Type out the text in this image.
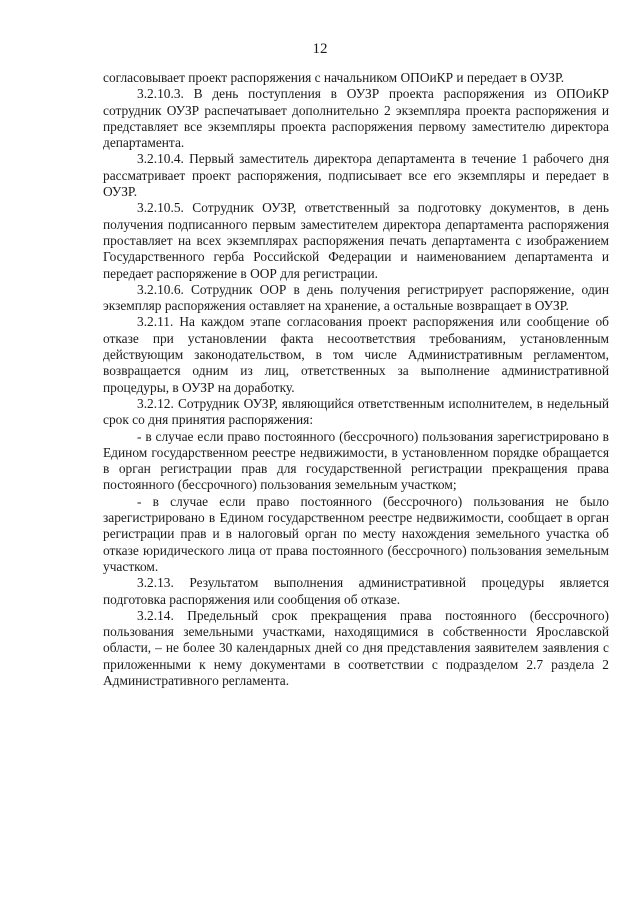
12

согласовывает проект распоряжения с начальником ОПОиКР и передает в ОУЗР.

3.2.10.3. В день поступления в ОУЗР проекта распоряжения из ОПОиКР сотрудник ОУЗР распечатывает дополнительно 2 экземпляра проекта распоряжения и представляет все экземпляры проекта распоряжения первому заместителю директора департамента.

3.2.10.4. Первый заместитель директора департамента в течение 1 рабочего дня рассматривает проект распоряжения, подписывает все его экземпляры и передает в ОУЗР.

3.2.10.5. Сотрудник ОУЗР, ответственный за подготовку документов, в день получения подписанного первым заместителем директора департамента распоряжения проставляет на всех экземплярах распоряжения печать департамента с изображением Государственного герба Российской Федерации и наименованием департамента и передает распоряжение в ООР для регистрации.

3.2.10.6. Сотрудник ООР в день получения регистрирует распоряжение, один экземпляр распоряжения оставляет на хранение, а остальные возвращает в ОУЗР.

3.2.11. На каждом этапе согласования проект распоряжения или сообщение об отказе при установлении факта несоответствия требованиям, установленным действующим законодательством, в том числе Административным регламентом, возвращается одним из лиц, ответственных за выполнение административной процедуры, в ОУЗР на доработку.

3.2.12. Сотрудник ОУЗР, являющийся ответственным исполнителем, в недельный срок со дня принятия распоряжения:

- в случае если право постоянного (бессрочного) пользования зарегистрировано в Едином государственном реестре недвижимости, в установленном порядке обращается в орган регистрации прав для государственной регистрации прекращения права постоянного (бессрочного) пользования земельным участком;

- в случае если право постоянного (бессрочного) пользования не было зарегистрировано в Едином государственном реестре недвижимости, сообщает в орган регистрации прав и в налоговый орган по месту нахождения земельного участка об отказе юридического лица от права постоянного (бессрочного) пользования земельным участком.

3.2.13. Результатом выполнения административной процедуры является подготовка распоряжения или сообщения об отказе.

3.2.14. Предельный срок прекращения права постоянного (бессрочного) пользования земельными участками, находящимися в собственности Ярославской области, – не более 30 календарных дней со дня представления заявителем заявления с приложенными к нему документами в соответствии с подразделом 2.7 раздела 2 Административного регламента.
